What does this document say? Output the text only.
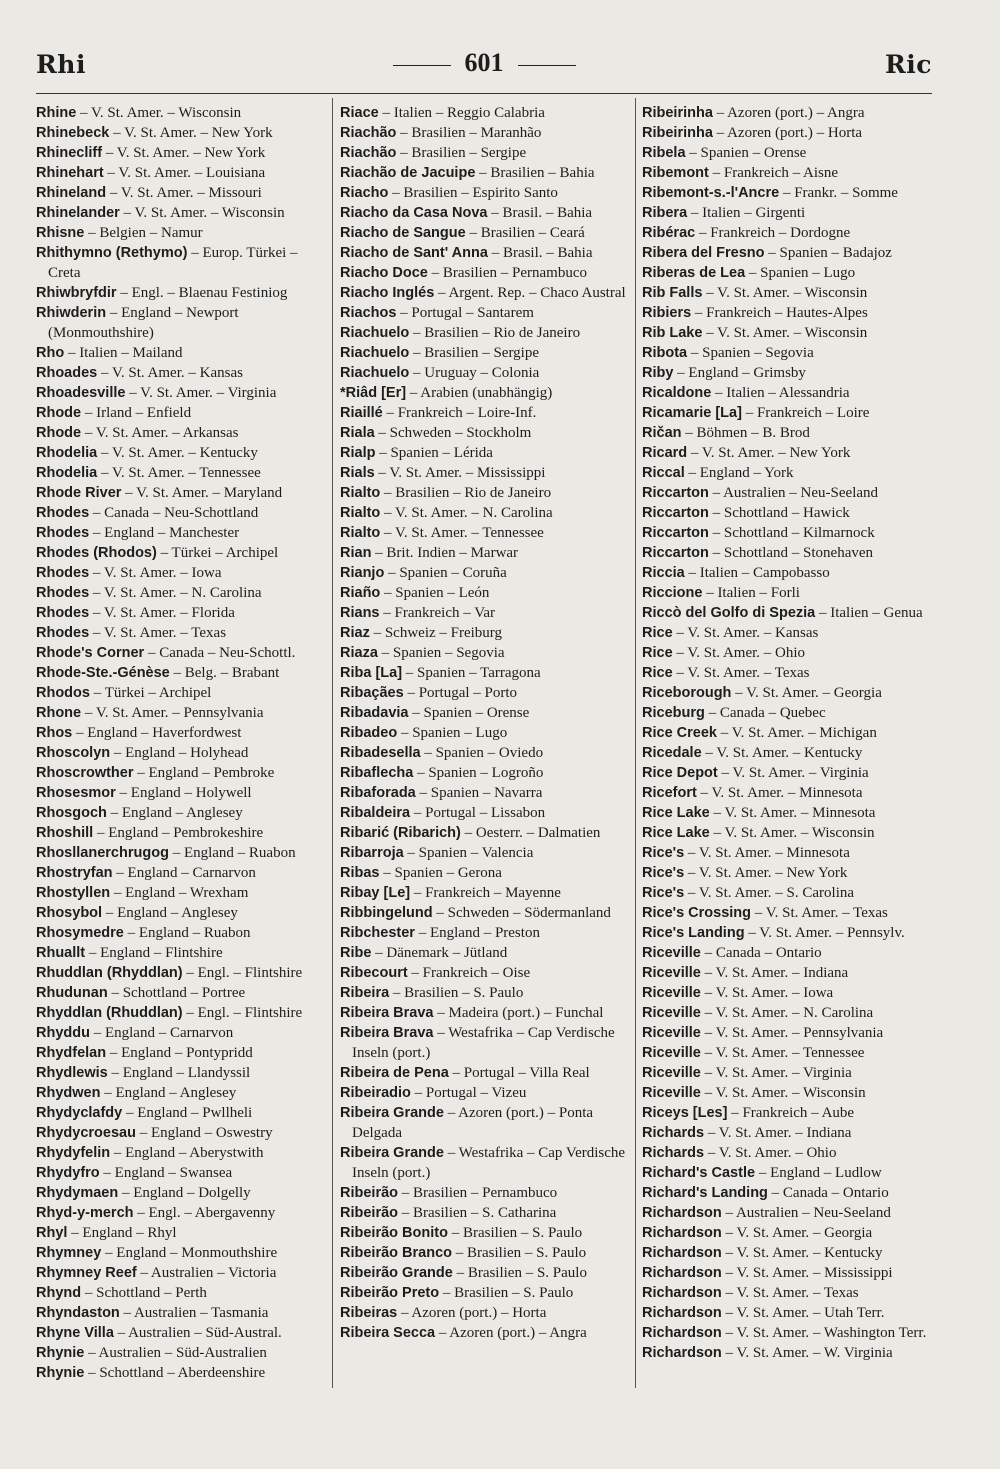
Rhi	601	Ric
Rhine – V. St. Amer. – Wisconsin
Rhinebeck – V. St. Amer. – New York
Rhinecliff – V. St. Amer. – New York
Rhinehart – V. St. Amer. – Louisiana
Rhineland – V. St. Amer. – Missouri
Rhinelander – V. St. Amer. – Wisconsin
Rhisne – Belgien – Namur
Rhithymno (Rethymo) – Europ. Türkei – Creta
Rhiwbryfdir – Engl. – Blaenau Festiniog
Rhiwderin – England – Newport (Monmouthshire)
Rho – Italien – Mailand
Rhoades – V. St. Amer. – Kansas
Rhoadesville – V. St. Amer. – Virginia
Rhode – Irland – Enfield
Rhode – V. St. Amer. – Arkansas
Rhodelia – V. St. Amer. – Kentucky
Rhodelia – V. St. Amer. – Tennessee
Rhode River – V. St. Amer. – Maryland
Rhodes – Canada – Neu-Schottland
Rhodes – England – Manchester
Rhodes (Rhodos) – Türkei – Archipel
Rhodes – V. St. Amer. – Iowa
Rhodes – V. St. Amer. – N. Carolina
Rhodes – V. St. Amer. – Florida
Rhodes – V. St. Amer. – Texas
Rhode's Corner – Canada – Neu-Schottl.
Rhode-Ste.-Génèse – Belg. – Brabant
Rhodos – Türkei – Archipel
Rhone – V. St. Amer. – Pennsylvania
Rhos – England – Haverfordwest
Rhoscolyn – England – Holyhead
Rhoscrowther – England – Pembroke
Rhosesmor – England – Holywell
Rhosgoch – England – Anglesey
Rhoshill – England – Pembrokeshire
Rhosllanerchrugog – England – Ruabon
Rhostryfan – England – Carnarvon
Rhostyllen – England – Wrexham
Rhosybol – England – Anglesey
Rhosymedre – England – Ruabon
Rhuallt – England – Flintshire
Rhuddlan (Rhyddlan) – Engl. – Flintshire
Rhudunan – Schottland – Portree
Rhyddlan (Rhuddlan) – Engl. – Flintshire
Rhyddu – England – Carnarvon
Rhydfelan – England – Pontypridd
Rhydlewis – England – Llandyssil
Rhydwen – England – Anglesey
Rhydyclafdy – England – Pwllheli
Rhydycroesau – England – Oswestry
Rhydyfelin – England – Aberystwith
Rhydyfro – England – Swansea
Rhydymaen – England – Dolgelly
Rhyd-y-merch – Engl. – Abergavenny
Rhyl – England – Rhyl
Rhymney – England – Monmouthshire
Rhymney Reef – Australien – Victoria
Rhynd – Schottland – Perth
Rhyndaston – Australien – Tasmania
Rhyne Villa – Australien – Süd-Austral.
Rhynie – Australien – Süd-Australien
Rhynie – Schottland – Aberdeenshire
Riace – Italien – Reggio Calabria
Riachão – Brasilien – Maranhão
Riachão – Brasilien – Sergipe
Riachão de Jacuipe – Brasilien – Bahia
Riacho – Brasilien – Espirito Santo
Riacho da Casa Nova – Brasil. – Bahia
Riacho de Sangue – Brasilien – Ceará
Riacho de Sant' Anna – Brasil. – Bahia
Riacho Doce – Brasilien – Pernambuco
Riacho Inglés – Argent. Rep. – Chaco Austral
Riachos – Portugal – Santarem
Riachuelo – Brasilien – Rio de Janeiro
Riachuelo – Brasilien – Sergipe
Riachuelo – Uruguay – Colonia
*Riâd [Er] – Arabien (unabhängig)
Riaillé – Frankreich – Loire-Inf.
Riala – Schweden – Stockholm
Rialp – Spanien – Lérida
Rials – V. St. Amer. – Mississippi
Rialto – Brasilien – Rio de Janeiro
Rialto – V. St. Amer. – N. Carolina
Rialto – V. St. Amer. – Tennessee
Rian – Brit. Indien – Marwar
Rianjo – Spanien – Coruña
Riaño – Spanien – León
Rians – Frankreich – Var
Riaz – Schweiz – Freiburg
Riaza – Spanien – Segovia
Riba [La] – Spanien – Tarragona
Ribaçães – Portugal – Porto
Ribadavia – Spanien – Orense
Ribadeo – Spanien – Lugo
Ribadesella – Spanien – Oviedo
Ribaflecha – Spanien – Logroño
Ribaforada – Spanien – Navarra
Ribaldeira – Portugal – Lissabon
Ribarić (Ribarich) – Oesterr. – Dalmatien
Ribarroja – Spanien – Valencia
Ribas – Spanien – Gerona
Ribay [Le] – Frankreich – Mayenne
Ribbingelund – Schweden – Södermanland
Ribchester – England – Preston
Ribe – Dänemark – Jütland
Ribecourt – Frankreich – Oise
Ribeira – Brasilien – S. Paulo
Ribeira Brava – Madeira (port.) – Funchal
Ribeira Brava – Westafrika – Cap Verdische Inseln (port.)
Ribeira de Pena – Portugal – Villa Real
Ribeiradio – Portugal – Vizeu
Ribeira Grande – Azoren (port.) – Ponta Delgada
Ribeira Grande – Westafrika – Cap Verdische Inseln (port.)
Ribeirão – Brasilien – Pernambuco
Ribeirão – Brasilien – S. Catharina
Ribeirão Bonito – Brasilien – S. Paulo
Ribeirão Branco – Brasilien – S. Paulo
Ribeirão Grande – Brasilien – S. Paulo
Ribeirão Preto – Brasilien – S. Paulo
Ribeiras – Azoren (port.) – Horta
Ribeira Secca – Azoren (port.) – Angra
Ribeirinha – Azoren (port.) – Angra
Ribeirinha – Azoren (port.) – Horta
Ribela – Spanien – Orense
Ribemont – Frankreich – Aisne
Ribemont-s.-l'Ancre – Frankr. – Somme
Ribera – Italien – Girgenti
Ribérac – Frankreich – Dordogne
Ribera del Fresno – Spanien – Badajoz
Riberas de Lea – Spanien – Lugo
Rib Falls – V. St. Amer. – Wisconsin
Ribiers – Frankreich – Hautes-Alpes
Rib Lake – V. St. Amer. – Wisconsin
Ribota – Spanien – Segovia
Riby – England – Grimsby
Ricaldone – Italien – Alessandria
Ricamarie [La] – Frankreich – Loire
Ričan – Böhmen – B. Brod
Ricard – V. St. Amer. – New York
Riccal – England – York
Riccarton – Australien – Neu-Seeland
Riccarton – Schottland – Hawick
Riccarton – Schottland – Kilmarnock
Riccarton – Schottland – Stonehaven
Riccia – Italien – Campobasso
Riccione – Italien – Forli
Riccò del Golfo di Spezia – Italien – Genua
Rice – V. St. Amer. – Kansas
Rice – V. St. Amer. – Ohio
Rice – V. St. Amer. – Texas
Riceborough – V. St. Amer. – Georgia
Riceburg – Canada – Quebec
Rice Creek – V. St. Amer. – Michigan
Ricedale – V. St. Amer. – Kentucky
Rice Depot – V. St. Amer. – Virginia
Ricefort – V. St. Amer. – Minnesota
Rice Lake – V. St. Amer. – Minnesota
Rice Lake – V. St. Amer. – Wisconsin
Rice's – V. St. Amer. – Minnesota
Rice's – V. St. Amer. – New York
Rice's – V. St. Amer. – S. Carolina
Rice's Crossing – V. St. Amer. – Texas
Rice's Landing – V. St. Amer. – Pennsylv.
Riceville – Canada – Ontario
Riceville – V. St. Amer. – Indiana
Riceville – V. St. Amer. – Iowa
Riceville – V. St. Amer. – N. Carolina
Riceville – V. St. Amer. – Pennsylvania
Riceville – V. St. Amer. – Tennessee
Riceville – V. St. Amer. – Virginia
Riceville – V. St. Amer. – Wisconsin
Riceys [Les] – Frankreich – Aube
Richards – V. St. Amer. – Indiana
Richards – V. St. Amer. – Ohio
Richard's Castle – England – Ludlow
Richard's Landing – Canada – Ontario
Richardson – Australien – Neu-Seeland
Richardson – V. St. Amer. – Georgia
Richardson – V. St. Amer. – Kentucky
Richardson – V. St. Amer. – Mississippi
Richardson – V. St. Amer. – Texas
Richardson – V. St. Amer. – Utah Terr.
Richardson – V. St. Amer. – Washington Terr.
Richardson – V. St. Amer. – W. Virginia
